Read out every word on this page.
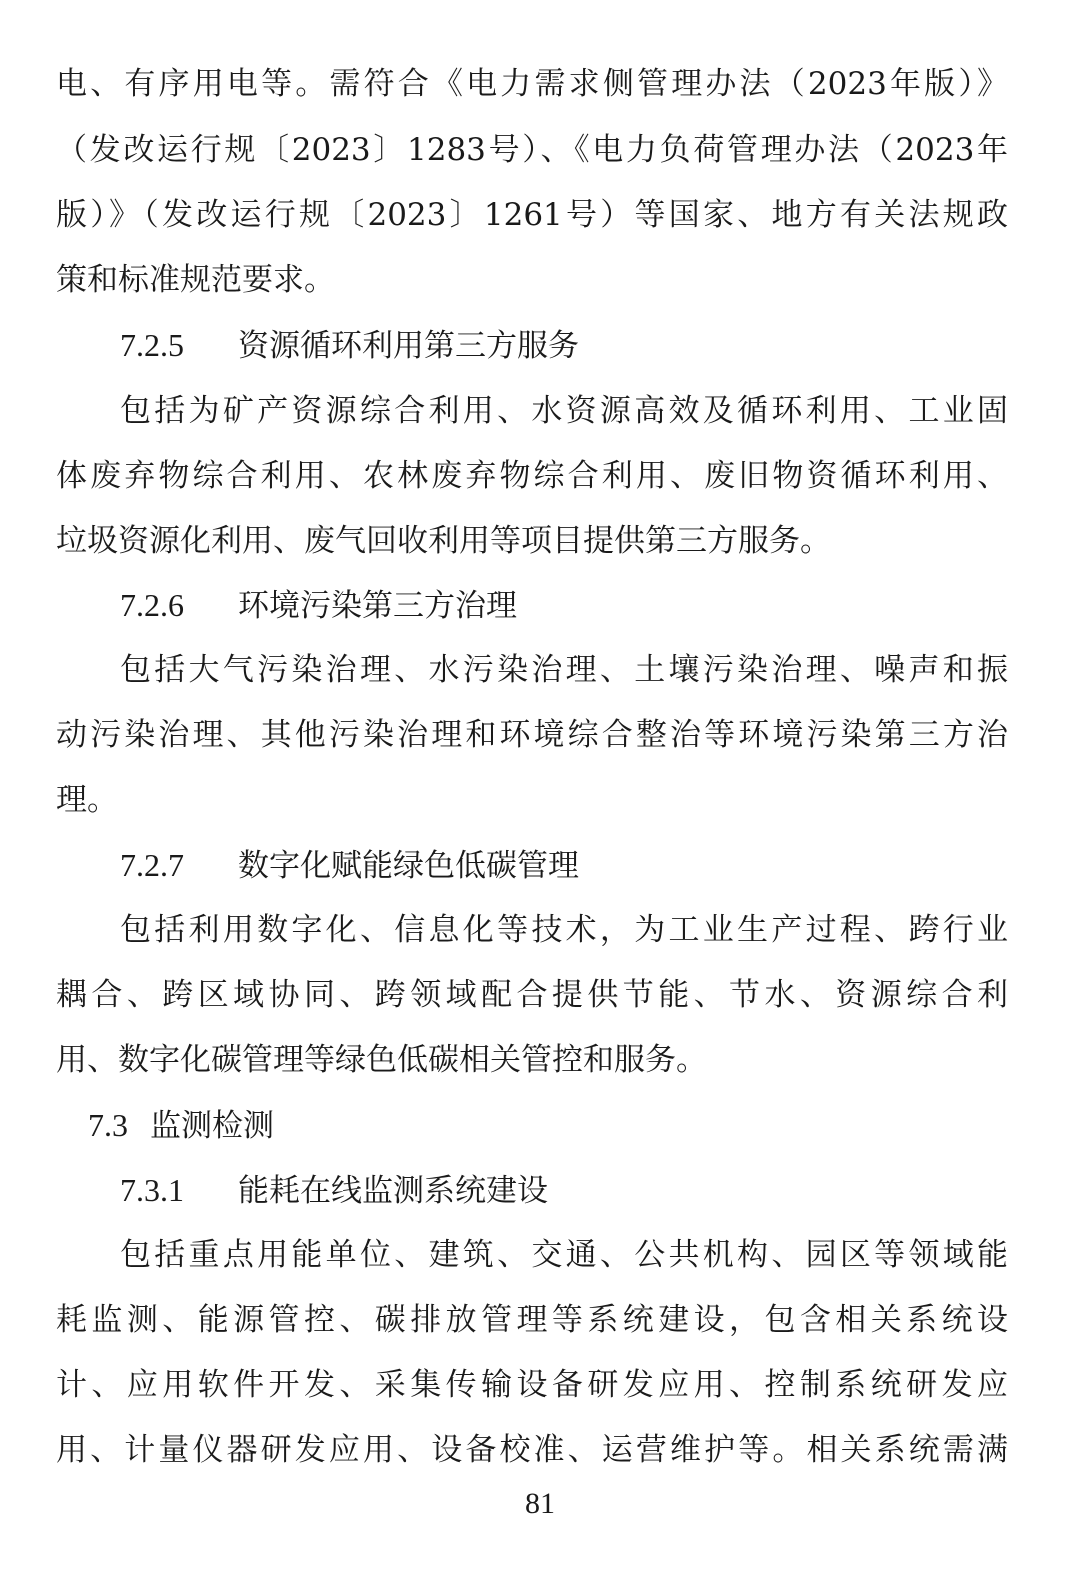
电、有序用电等。需符合《电力需求侧管理办法（2023年版）》
（发改运行规〔2023〕1283号）、《电力负荷管理办法（2023年
版）》（发改运行规〔2023〕1261号）等国家、地方有关法规政
策和标准规范要求。
7.2.5 资源循环利用第三方服务
包括为矿产资源综合利用、水资源高效及循环利用、工业固
体废弃物综合利用、农林废弃物综合利用、废旧物资循环利用、
垃圾资源化利用、废气回收利用等项目提供第三方服务。
7.2.6 环境污染第三方治理
包括大气污染治理、水污染治理、土壤污染治理、噪声和振
动污染治理、其他污染治理和环境综合整治等环境污染第三方治
理。
7.2.7 数字化赋能绿色低碳管理
包括利用数字化、信息化等技术，为工业生产过程、跨行业
耦合、跨区域协同、跨领域配合提供节能、节水、资源综合利
用、数字化碳管理等绿色低碳相关管控和服务。
7.3 监测检测
7.3.1 能耗在线监测系统建设
包括重点用能单位、建筑、交通、公共机构、园区等领域能
耗监测、能源管控、碳排放管理等系统建设，包含相关系统设
计、应用软件开发、采集传输设备研发应用、控制系统研发应
用、计量仪器研发应用、设备校准、运营维护等。相关系统需满
81
